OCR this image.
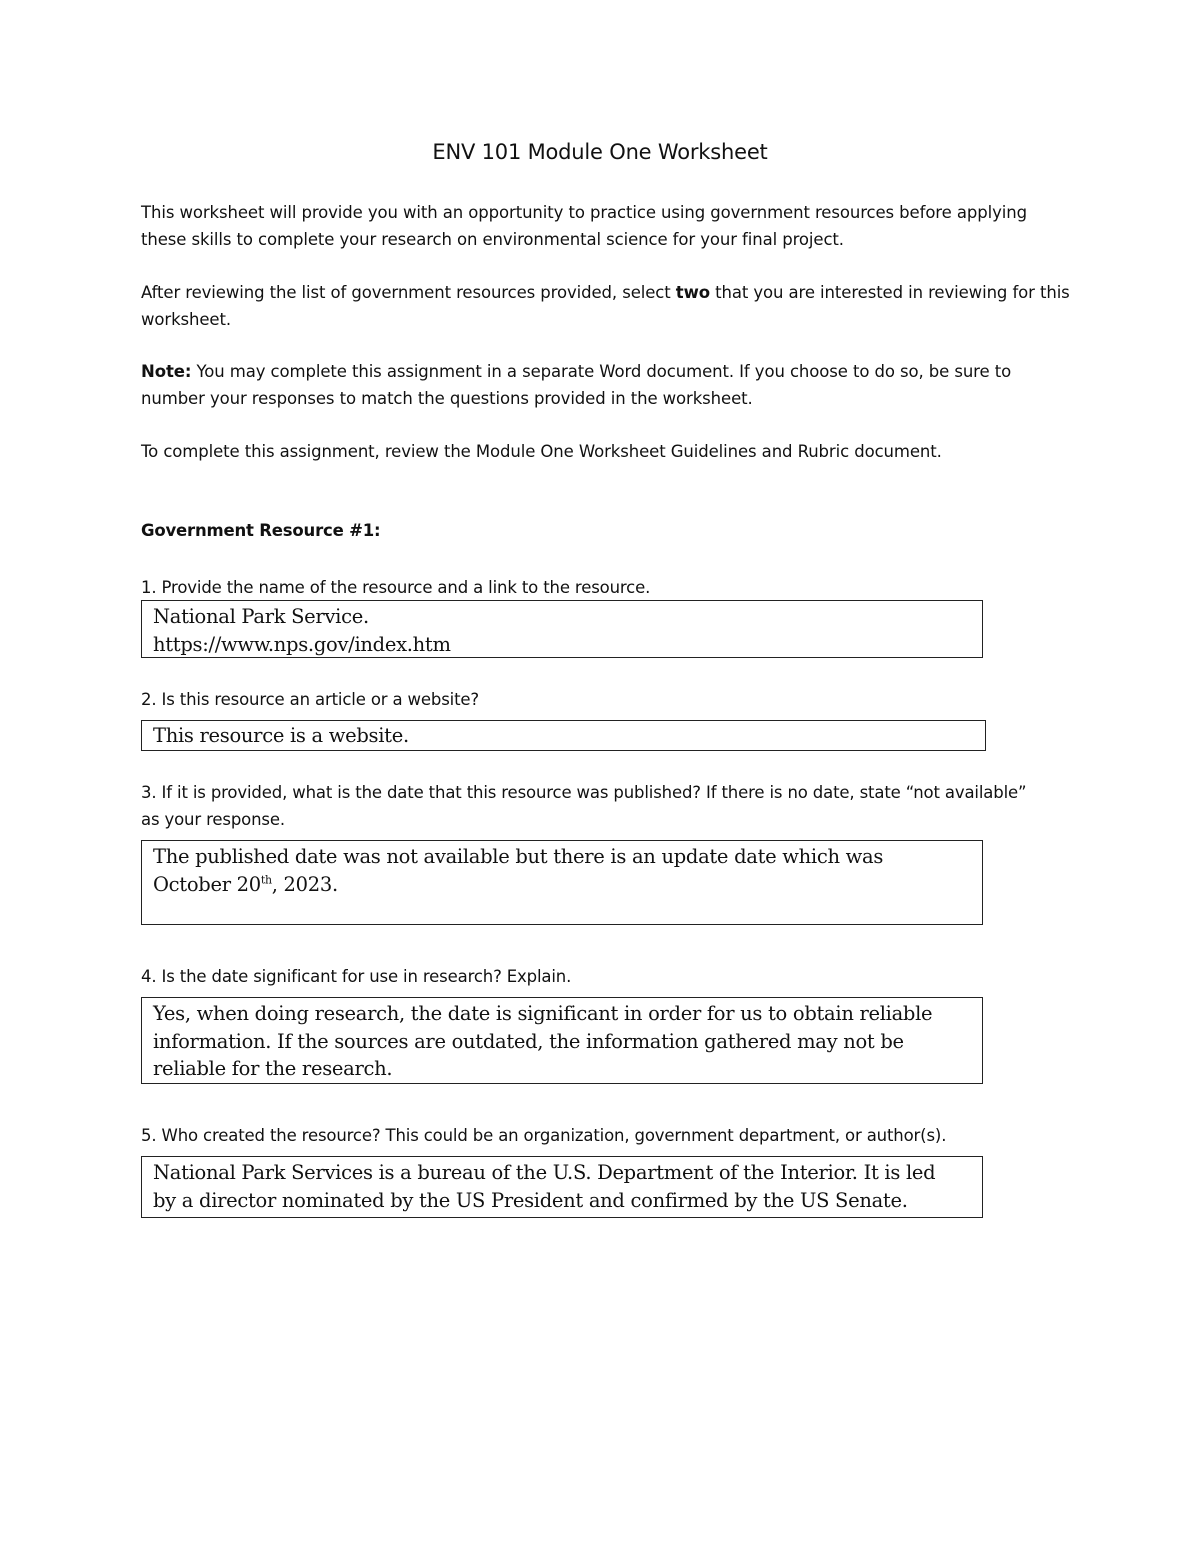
ENV 101 Module One Worksheet

This worksheet will provide you with an opportunity to practice using government resources before applying these skills to complete your research on environmental science for your final project.

After reviewing the list of government resources provided, select two that you are interested in reviewing for this worksheet.

Note: You may complete this assignment in a separate Word document. If you choose to do so, be sure to number your responses to match the questions provided in the worksheet.

To complete this assignment, review the Module One Worksheet Guidelines and Rubric document.

Government Resource #1:

1. Provide the name of the resource and a link to the resource.

National Park Service.
https://www.nps.gov/index.htm

2. Is this resource an article or a website?

This resource is a website.

3. If it is provided, what is the date that this resource was published? If there is no date, state “not available” as your response.

The published date was not available but there is an update date which was
October 20th, 2023.

4. Is the date significant for use in research? Explain.

Yes, when doing research, the date is significant in order for us to obtain reliable
information. If the sources are outdated, the information gathered may not be
reliable for the research.

5. Who created the resource? This could be an organization, government department, or author(s).

National Park Services is a bureau of the U.S. Department of the Interior. It is led
by a director nominated by the US President and confirmed by the US Senate.
